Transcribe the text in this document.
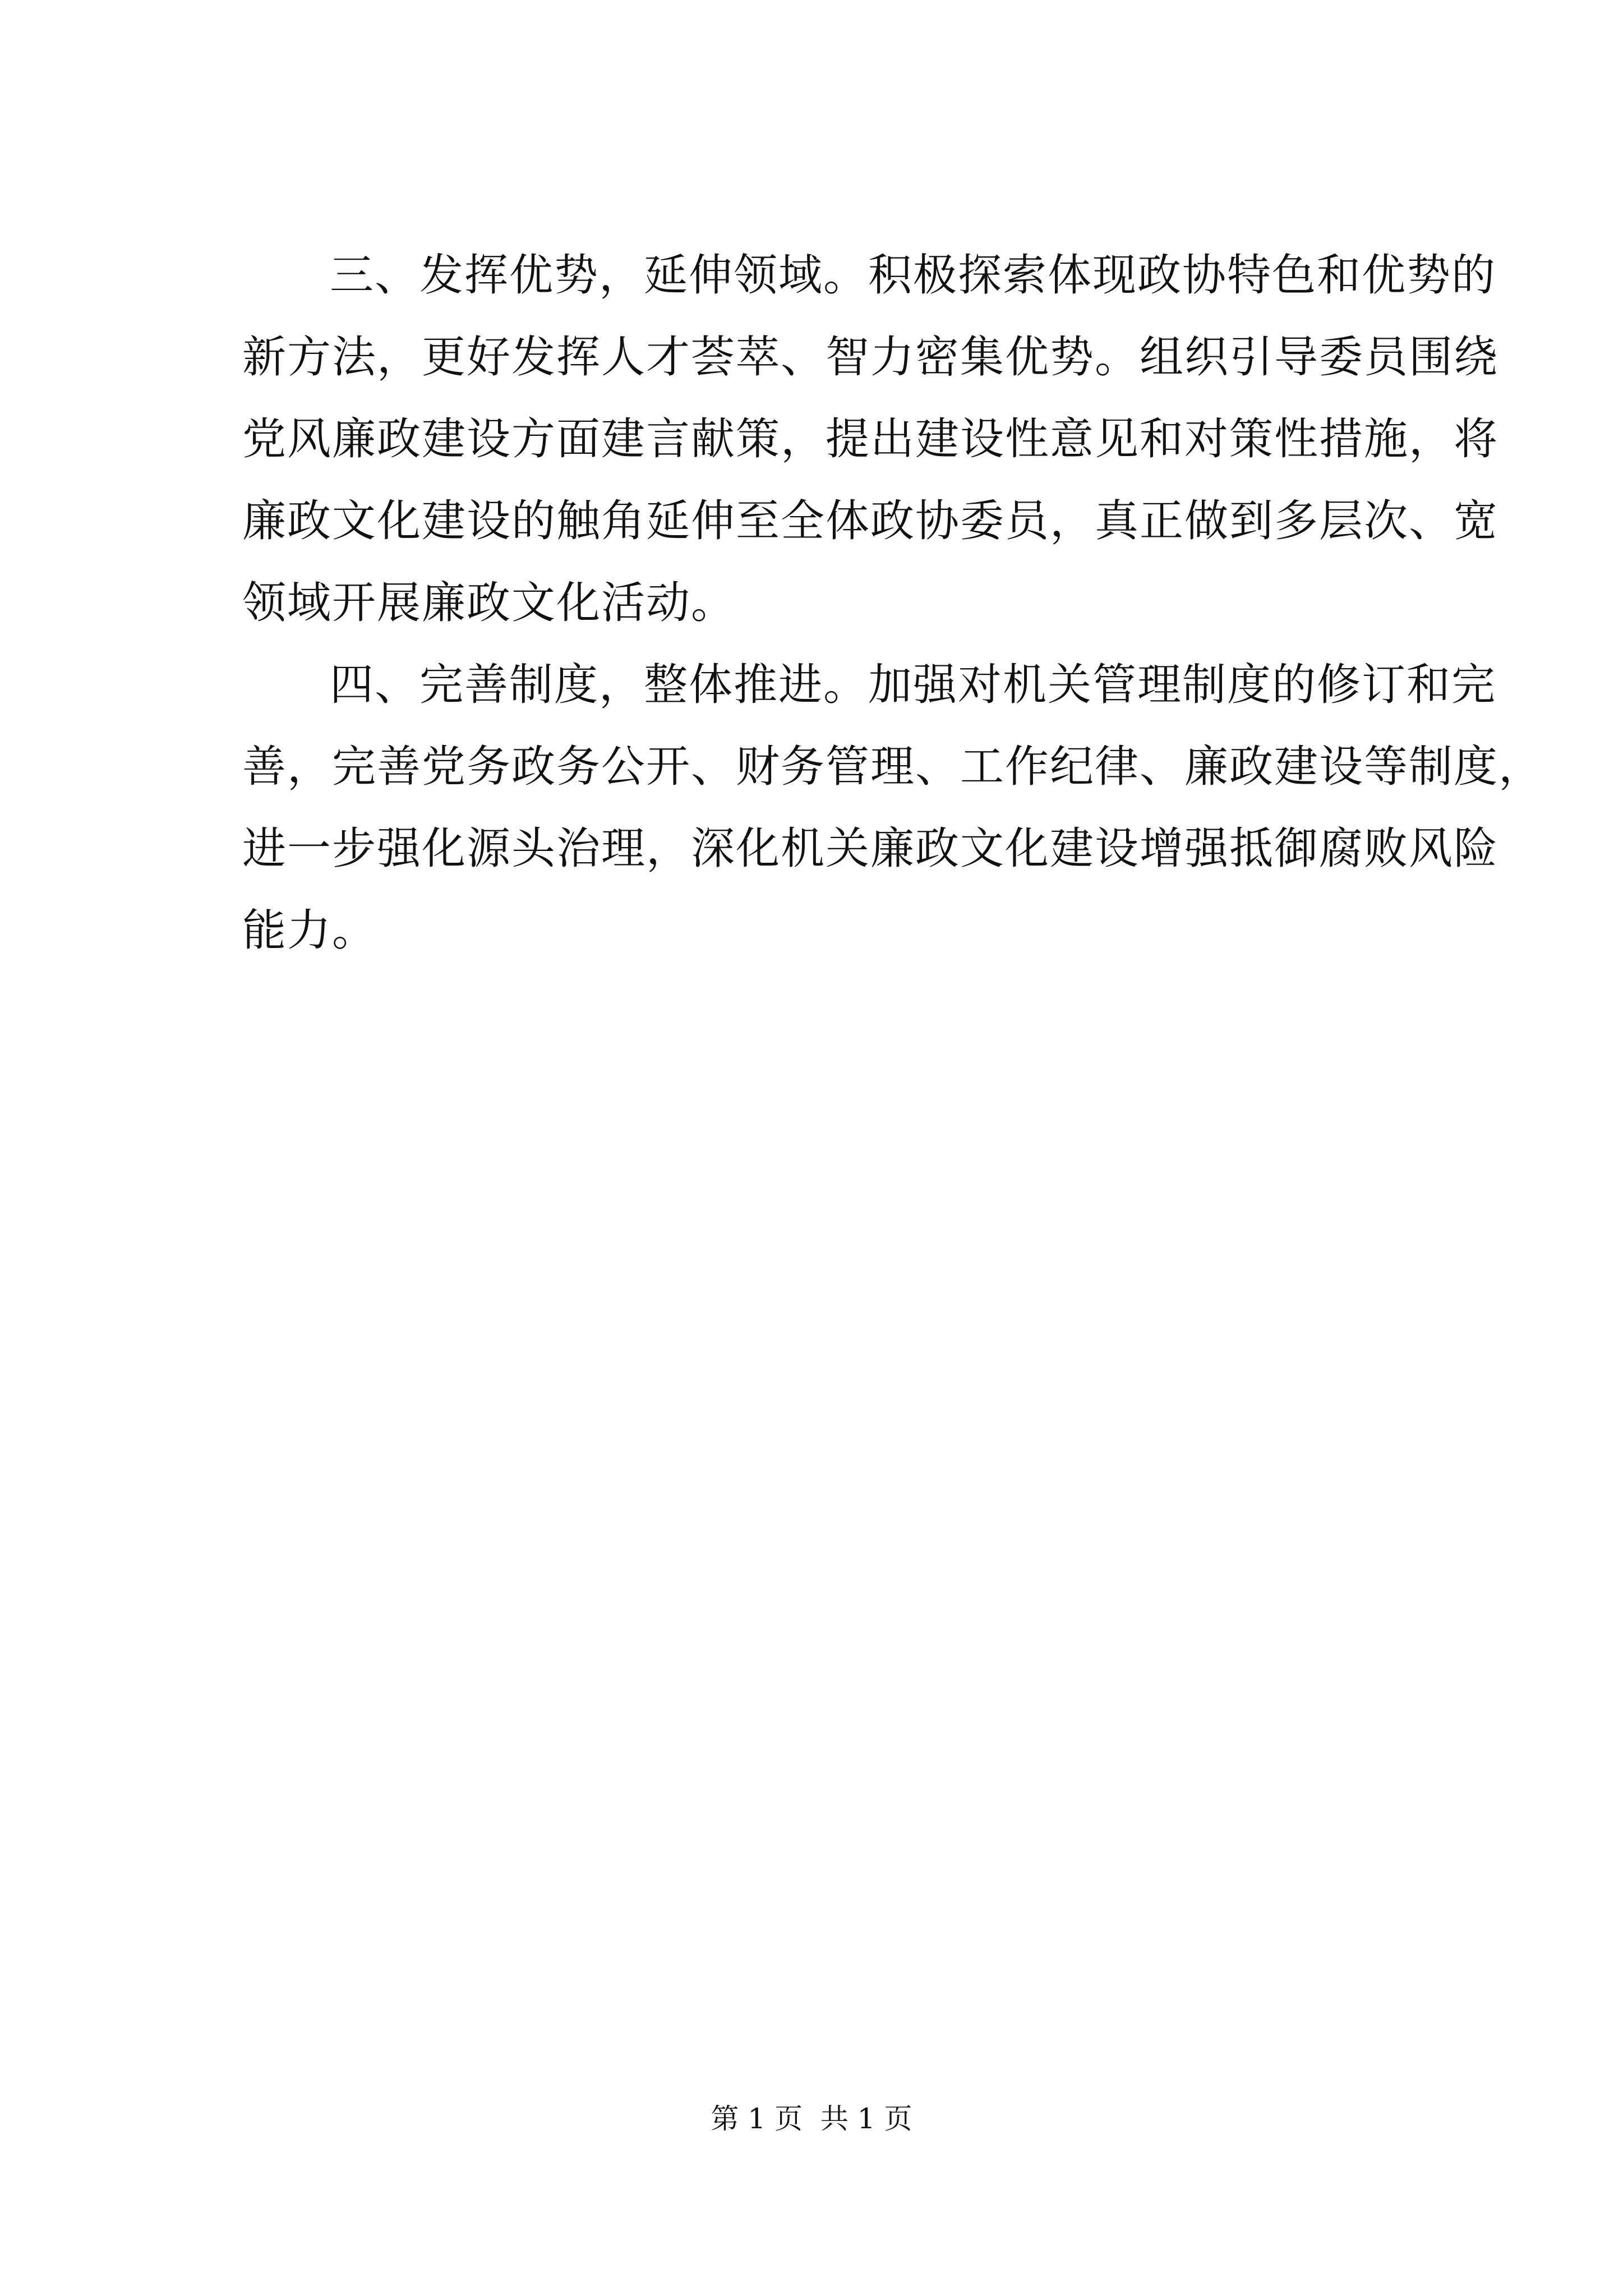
三、发挥优势，延伸领域。积极探索体现政协特色和优势的
新方法，更好发挥人才荟萃、智力密集优势。组织引导委员围绕
党风廉政建设方面建言献策，提出建设性意见和对策性措施，将
廉政文化建设的触角延伸至全体政协委员，真正做到多层次、宽
领域开展廉政文化活动。
四、完善制度，整体推进。加强对机关管理制度的修订和完
善，完善党务政务公开、财务管理、工作纪律、廉政建设等制度，
进一步强化源头治理，深化机关廉政文化建设增强抵御腐败风险
能力。
第 1 页  共 1 页
